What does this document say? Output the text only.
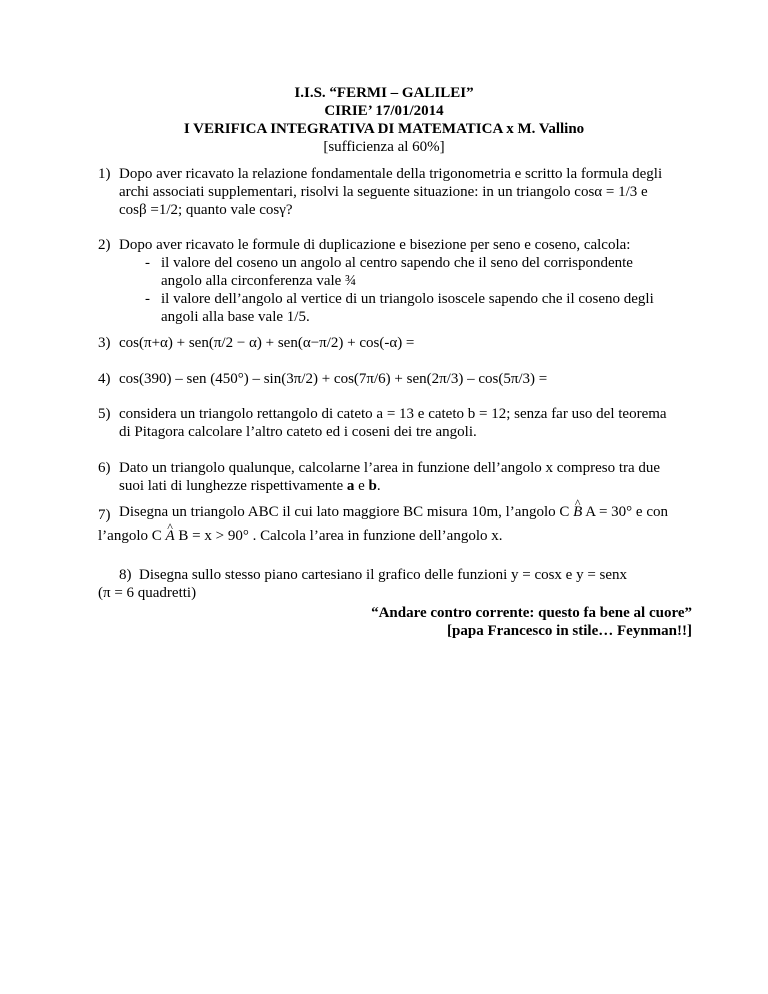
I.I.S. “FERMI – GALILEI”
CIRIE’ 17/01/2014
I VERIFICA INTEGRATIVA DI MATEMATICA x M. Vallino
[sufficienza al 60%]
1) Dopo aver ricavato la relazione fondamentale della trigonometria e scritto la formula degli
archi associati supplementari, risolvi la seguente situazione: in un triangolo cosα = 1/3 e
cosβ =1/2; quanto vale cosγ?
2) Dopo aver ricavato le formule di duplicazione e bisezione per seno e coseno, calcola:
- il valore del coseno un angolo al centro sapendo che il seno del corrispondente
angolo alla circonferenza vale ¾
- il valore dell’angolo al vertice di un triangolo isoscele sapendo che il coseno degli
angoli alla base vale 1/5.
3) cos(π+α) + sen(π/2 − α) + sen(α−π/2) + cos(-α) =
4) cos(390) – sen (450°) – sin(3π/2) + cos(7π/6) + sen(2π/3) – cos(5π/3) =
5) considera un triangolo rettangolo di cateto a = 13 e cateto b = 12; senza far uso del teorema
di Pitagora calcolare l’altro cateto ed i coseni dei tre angoli.
6) Dato un triangolo qualunque, calcolarne l’area in funzione dell’angolo x compreso tra due
suoi lati di lunghezze rispettivamente a e b.
7) Disegna un triangolo ABC il cui lato maggiore BC misura 10m, l’angolo C ^ B A = 30° e con
l’angolo C ^ A B = x > 90° . Calcola l’area in funzione dell’angolo x.
8) Disegna sullo stesso piano cartesiano il grafico delle funzioni y = cosx e y = senx
(π = 6 quadretti)
“Andare contro corrente: questo fa bene al cuore”
[papa Francesco in stile… Feynman!!]
